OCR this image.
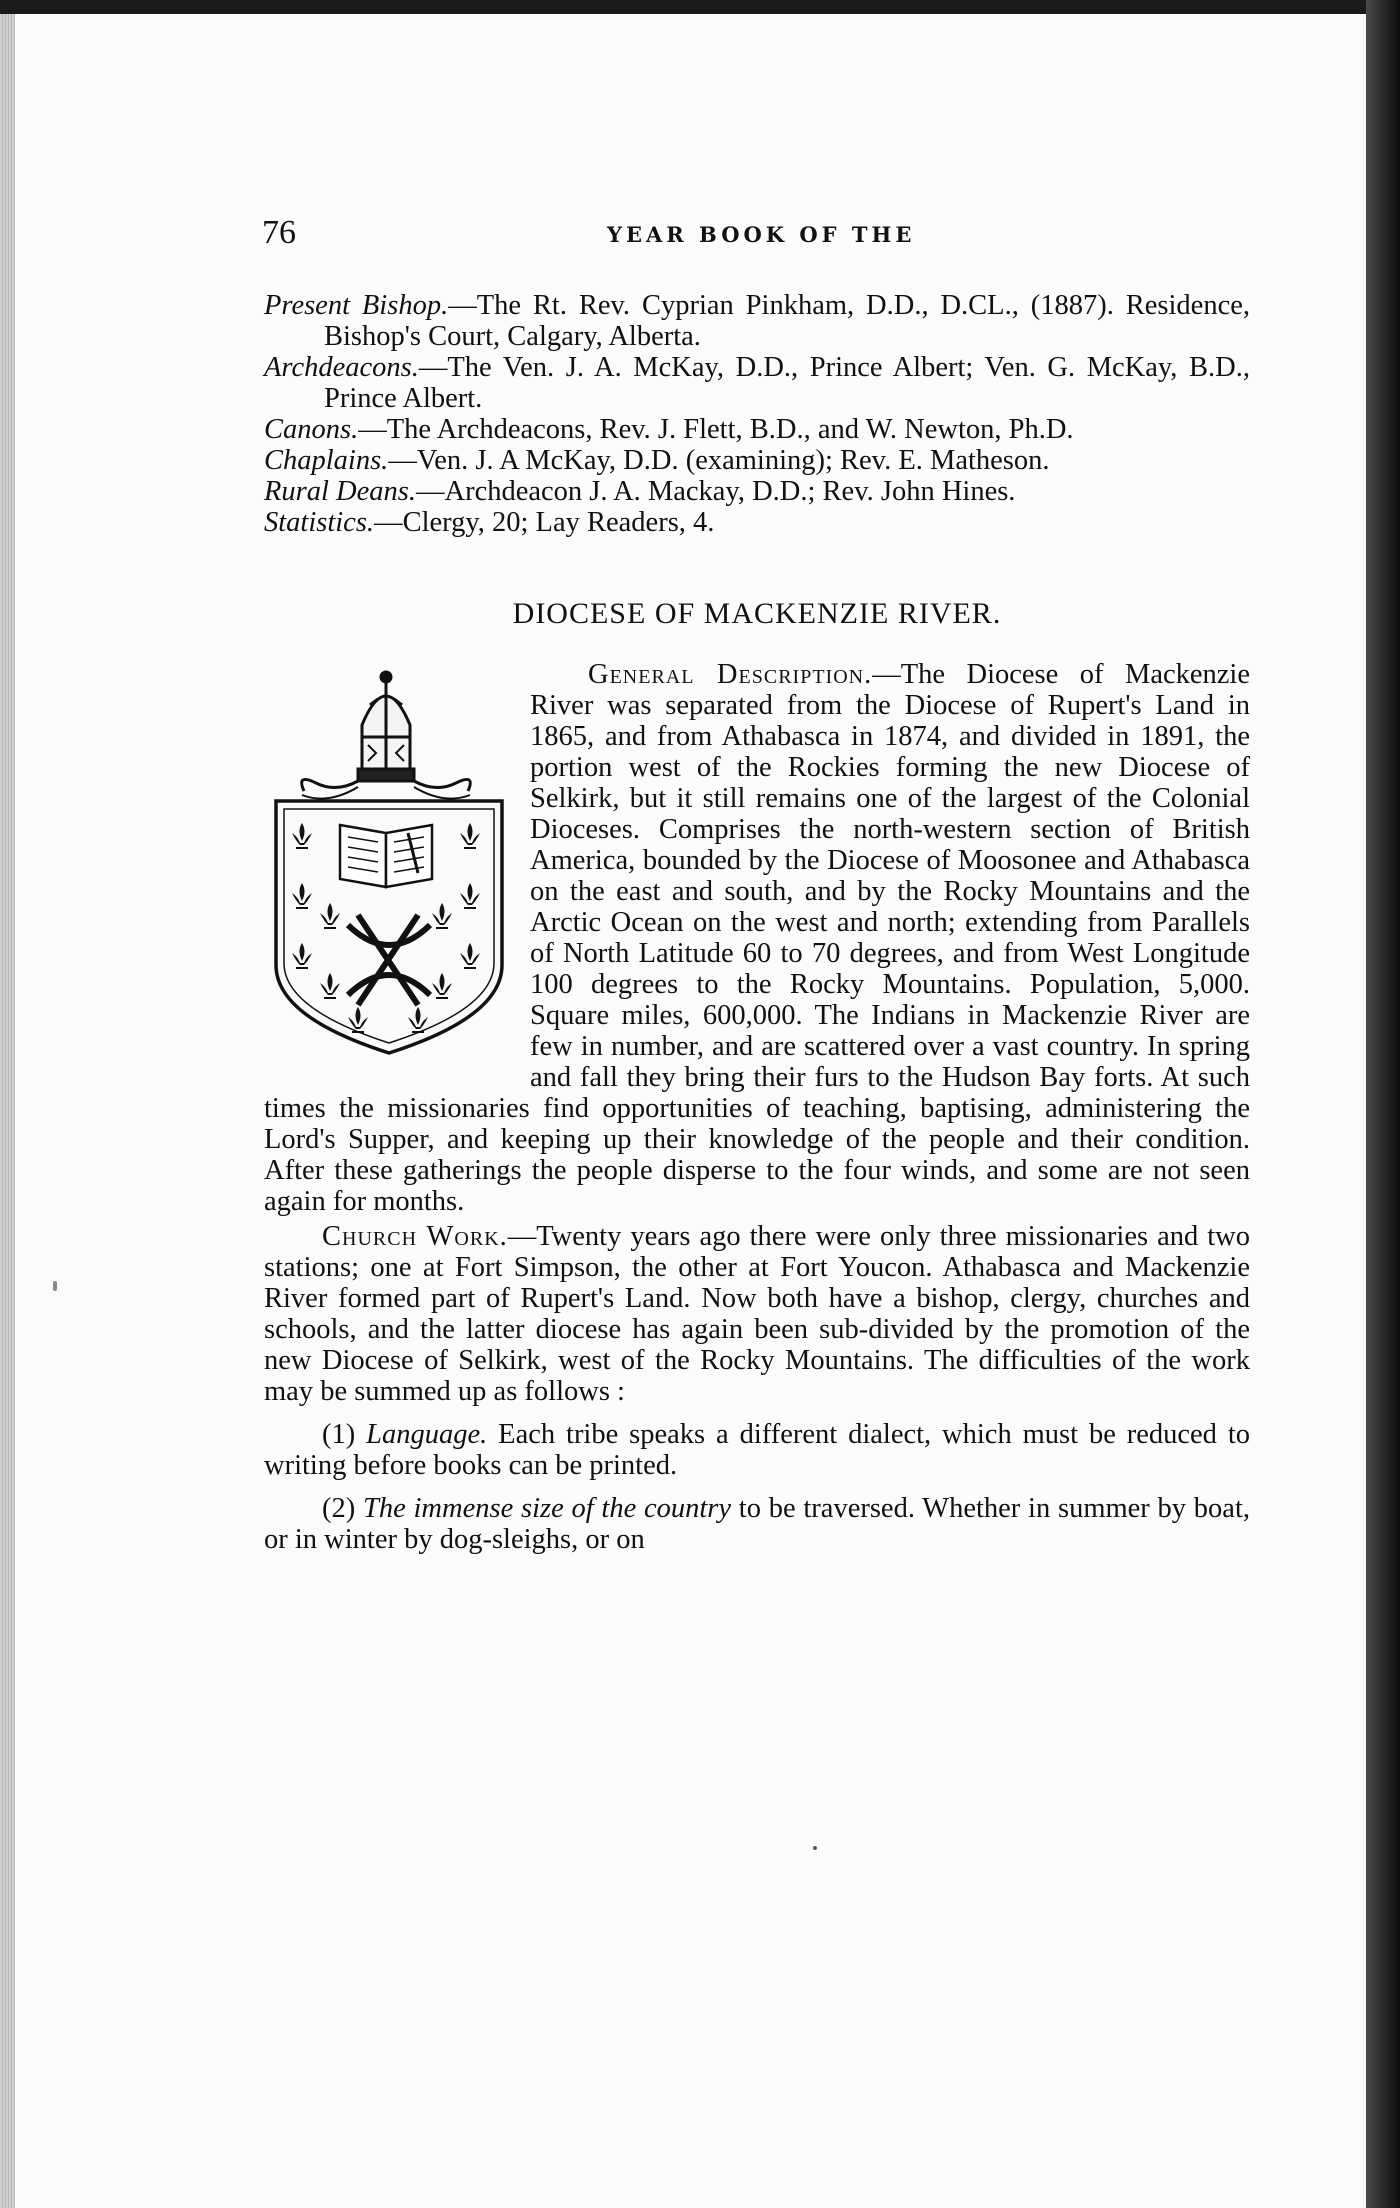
76	YEAR BOOK OF THE

Present Bishop.—The Rt. Rev. Cyprian Pinkham, D.D., D.CL., (1887). Residence, Bishop's Court, Calgary, Alberta.

Archdeacons.—The Ven. J. A. McKay, D.D., Prince Albert; Ven. G. McKay, B.D., Prince Albert.

Canons.—The Archdeacons, Rev. J. Flett, B.D., and W. Newton, Ph.D.

Chaplains.—Ven. J. A McKay, D.D. (examining); Rev. E. Matheson.

Rural Deans.—Archdeacon J. A. Mackay, D.D.; Rev. John Hines.

Statistics.—Clergy, 20; Lay Readers, 4.

DIOCESE OF MACKENZIE RIVER.

General Description.—The Diocese of Mackenzie River was separated from the Diocese of Rupert's Land in 1865, and from Athabasca in 1874, and divided in 1891, the portion west of the Rockies forming the new Diocese of Selkirk, but it still remains one of the largest of the Colonial Dioceses. Comprises the north-western section of British America, bounded by the Diocese of Moosonee and Athabasca on the east and south, and by the Rocky Mountains and the Arctic Ocean on the west and north; extending from Parallels of North Latitude 60 to 70 degrees, and from West Longitude 100 degrees to the Rocky Mountains. Population, 5,000. Square miles, 600,000. The Indians in Mackenzie River are few in number, and are scattered over a vast country. In spring and fall they bring their furs to the Hudson Bay forts. At such times the missionaries find opportunities of teaching, baptising, administering the Lord's Supper, and keeping up their knowledge of the people and their condition. After these gatherings the people disperse to the four winds, and some are not seen again for months.

Church Work.—Twenty years ago there were only three missionaries and two stations; one at Fort Simpson, the other at Fort Youcon. Athabasca and Mackenzie River formed part of Rupert's Land. Now both have a bishop, clergy, churches and schools, and the latter diocese has again been sub-divided by the promotion of the new Diocese of Selkirk, west of the Rocky Mountains. The difficulties of the work may be summed up as follows :

(1) Language. Each tribe speaks a different dialect, which must be reduced to writing before books can be printed.

(2) The immense size of the country to be traversed. Whether in summer by boat, or in winter by dog-sleighs, or on
